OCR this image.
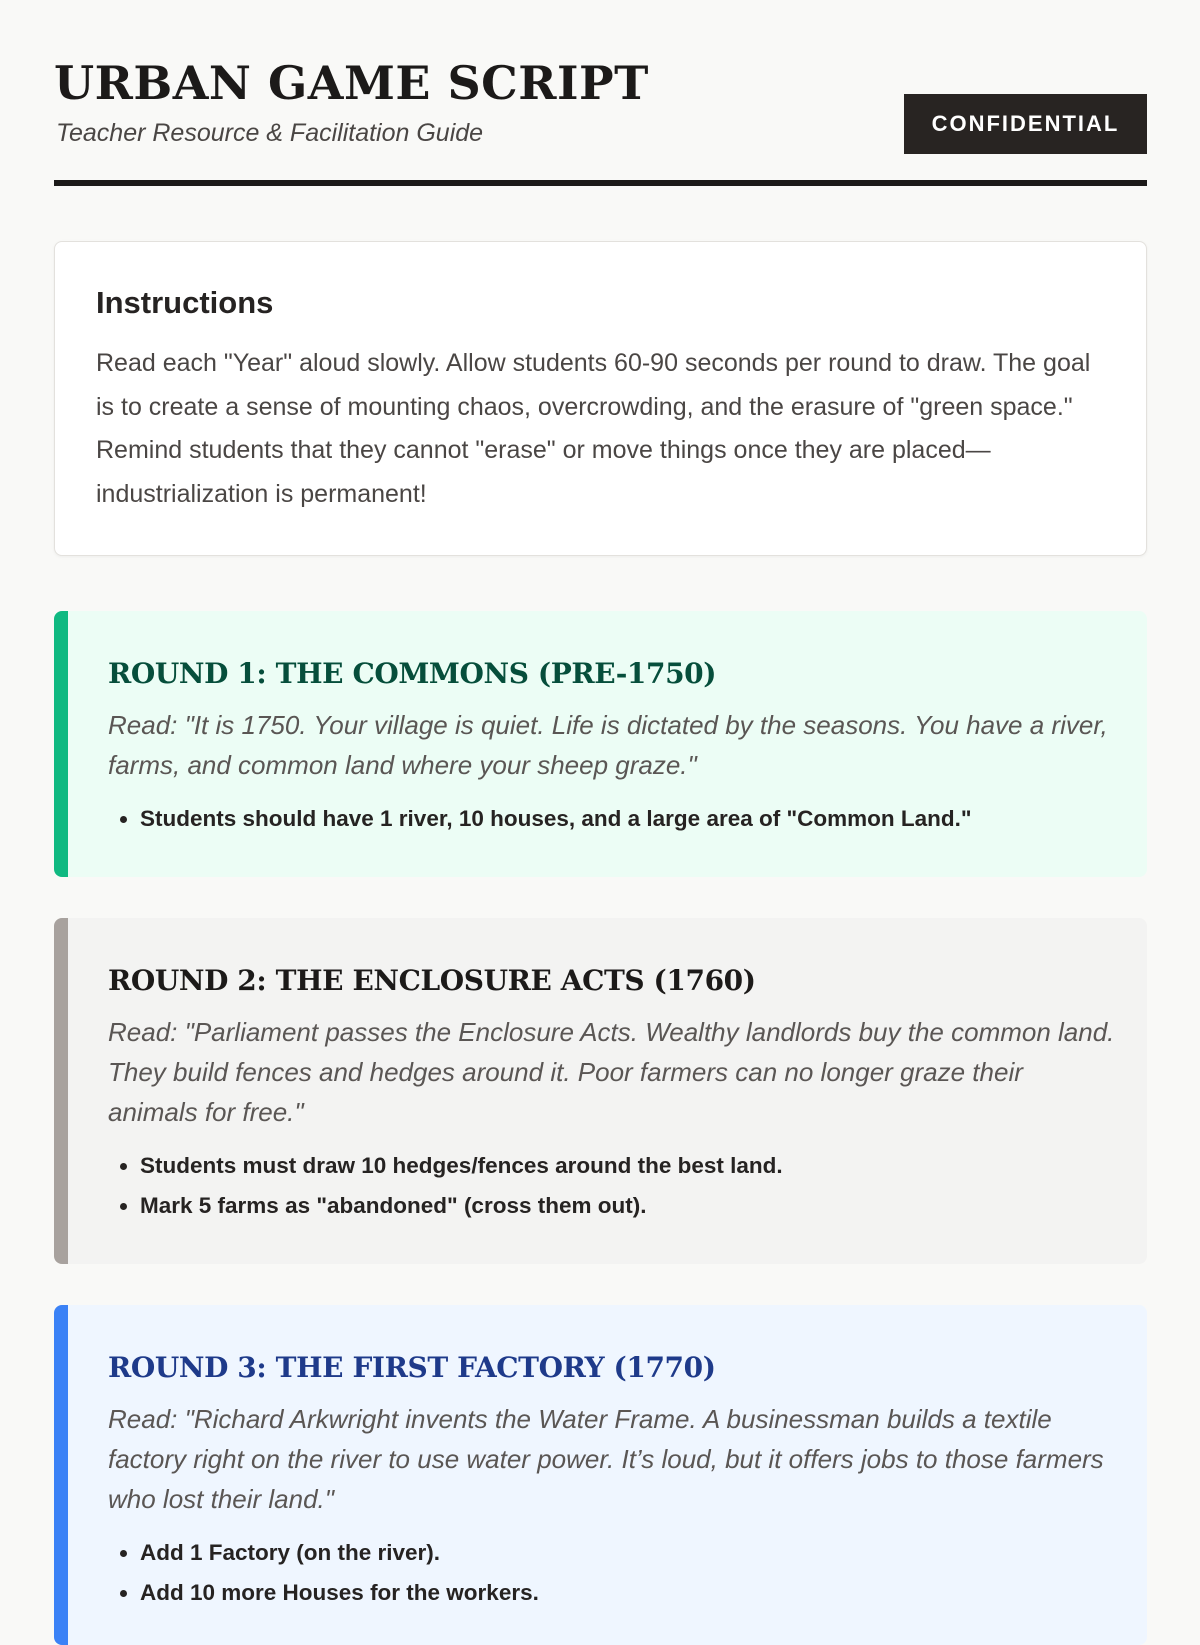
URBAN GAME SCRIPT
Teacher Resource & Facilitation Guide	CONFIDENTIAL
Instructions

Read each "Year" aloud slowly. Allow students 60-90 seconds per round to draw. The goal is to create a sense of mounting chaos, overcrowding, and the erasure of "green space." Remind students that they cannot "erase" or move things once they are placed—industrialization is permanent!

ROUND 1: THE COMMONS (PRE-1750)

Read: "It is 1750. Your village is quiet. Life is dictated by the seasons. You have a river, farms, and common land where your sheep graze."

• Students should have 1 river, 10 houses, and a large area of "Common Land."
ROUND 2: THE ENCLOSURE ACTS (1760)

Read: "Parliament passes the Enclosure Acts. Wealthy landlords buy the common land. They build fences and hedges around it. Poor farmers can no longer graze their animals for free."

• Students must draw 10 hedges/fences around the best land.
• Mark 5 farms as "abandoned" (cross them out).
ROUND 3: THE FIRST FACTORY (1770)

Read: "Richard Arkwright invents the Water Frame. A businessman builds a textile factory right on the river to use water power. It’s loud, but it offers jobs to those farmers who lost their land."

• Add 1 Factory (on the river).
• Add 10 more Houses for the workers.
